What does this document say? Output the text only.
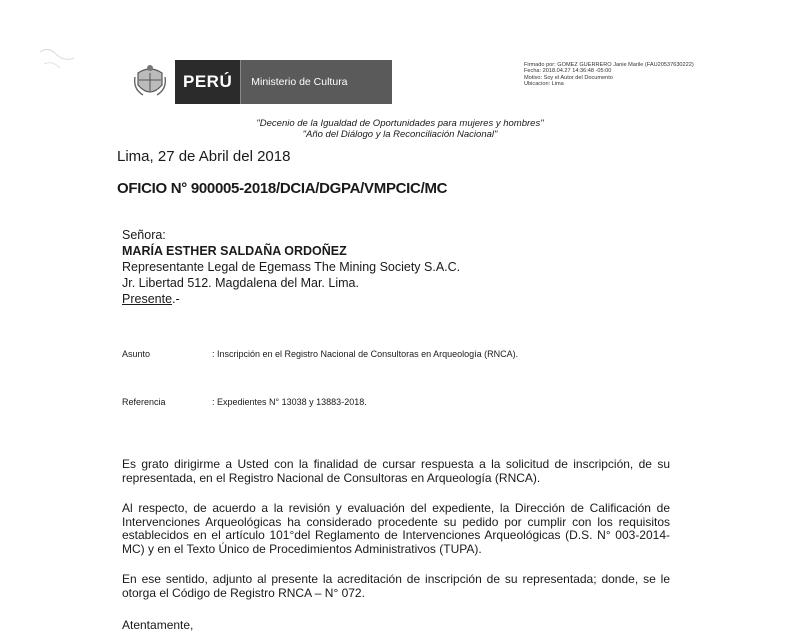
PERÚ	Ministerio de Cultura
Firmado por: GOMEZ GUERRERO Janie Marile (FAU20537630222)
Fecha: 2018.04.27 14:36:48 -05:00
Motivo: Soy el Autor del Documento
Ubicacion: Lima
"Decenio de la Igualdad de Oportunidades para mujeres y hombres"
"Año del Diálogo y la Reconciliación Nacional"
Lima, 27 de Abril del 2018
OFICIO N° 900005-2018/DCIA/DGPA/VMPCIC/MC
Señora:
MARÍA ESTHER SALDAÑA ORDOÑEZ
Representante Legal de Egemass The Mining Society S.A.C.
Jr. Libertad 512. Magdalena del Mar. Lima.
Presente.-
Asunto	: Inscripción en el Registro Nacional de Consultoras en Arqueología (RNCA).
Referencia	: Expedientes N° 13038 y 13883-2018.
Es grato dirigirme a Usted con la finalidad de cursar respuesta a la solicitud de inscripción, de su representada, en el Registro Nacional de Consultoras en Arqueología (RNCA).
Al respecto, de acuerdo a la revisión y evaluación del expediente, la Dirección de Calificación de Intervenciones Arqueológicas ha considerado procedente su pedido por cumplir con los requisitos establecidos en el artículo 101°del Reglamento de Intervenciones Arqueológicas (D.S. N° 003-2014-MC) y en el Texto Único de Procedimientos Administrativos (TUPA).
En ese sentido, adjunto al presente la acreditación de inscripción de su representada; donde, se le otorga el Código de Registro RNCA – N° 072.
Atentamente,
